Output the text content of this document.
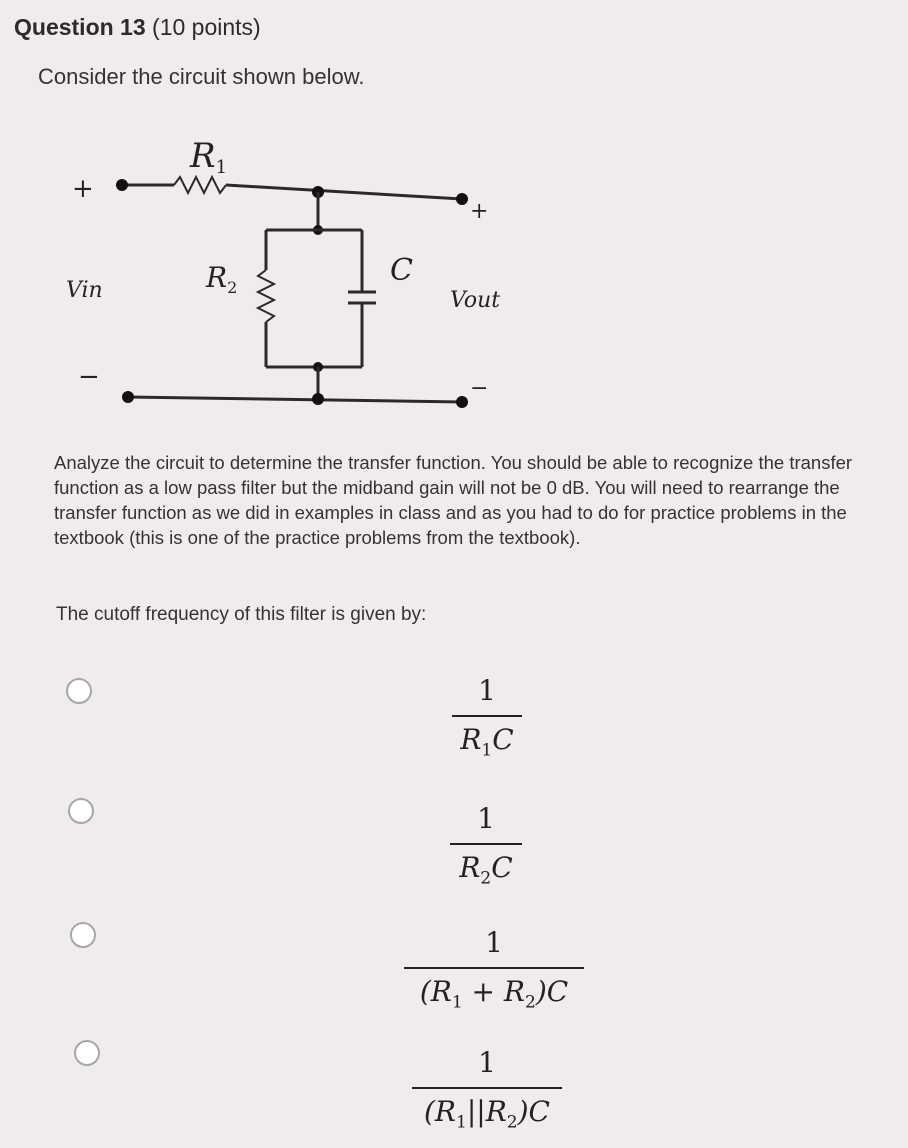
Question 13 (10 points)
Consider the circuit shown below.
R1
$R_2$	C
Vin	Vout
+
+
−	−
Analyze the circuit to determine the transfer function. You should be able to recognize the transfer function as a low pass filter but the midband gain will not be 0 dB. You will need to rearrange the transfer function as we did in examples in class and as you had to do for practice problems in the textbook (this is one of the practice problems from the textbook).
The cutoff frequency of this filter is given by:
1
$R_1C$
1
$R_2C$
1
$(R_1 + R_2)C$
1
$(R_1||R_2)C$
